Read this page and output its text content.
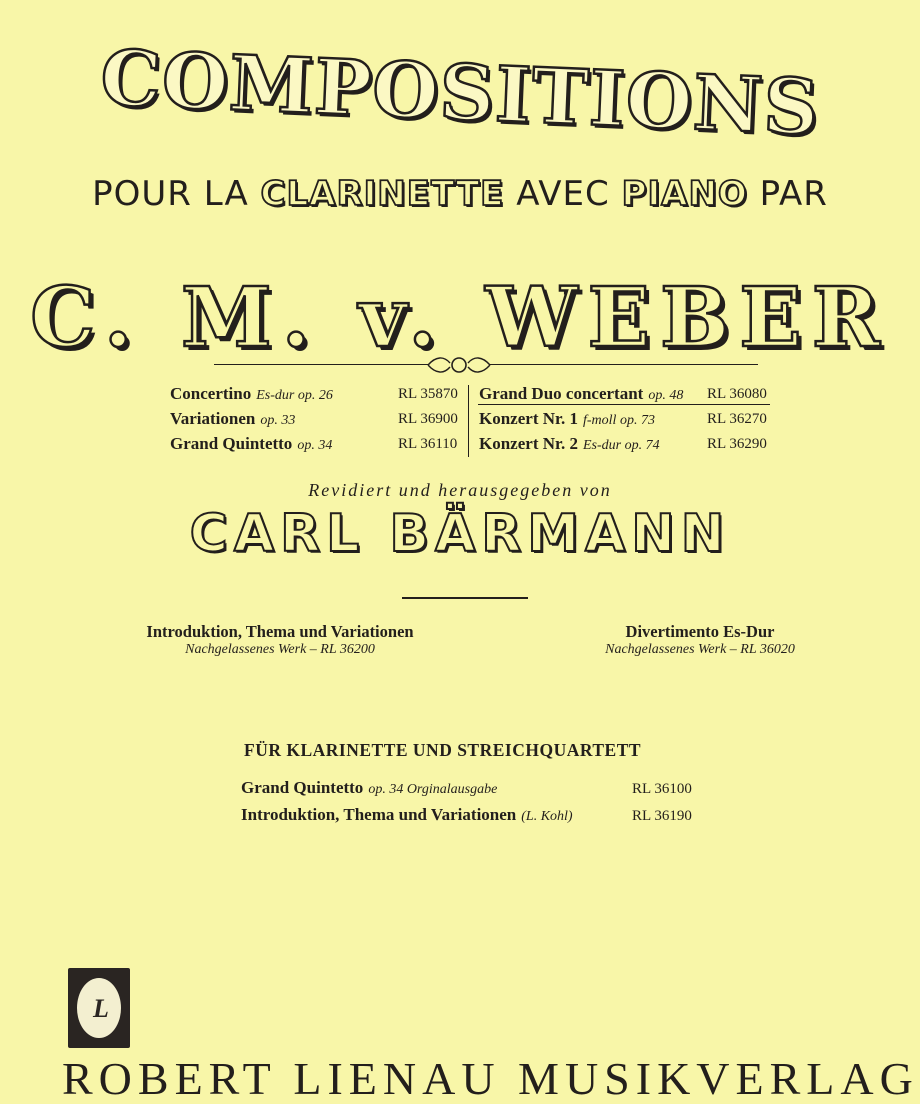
COMPOSITIONS
POUR LA CLARINETTE AVEC PIANO PAR
C. M. v. WEBER
Concertino Es-dur op. 26	RL 35870
Variationen op. 33	RL 36900
Grand Quintetto op. 34	RL 36110
Grand Duo concertant op. 48 RL 36080
Konzert Nr. 1 f-moll op. 73	RL 36270
Konzert Nr. 2 Es-dur op. 74	RL 36290
Revidiert und herausgegeben von
CARL BÄRMANN
Introduktion, Thema und Variationen
Nachgelassenes Werk – RL 36200
Divertimento Es-Dur
Nachgelassenes Werk – RL 36020
FÜR KLARINETTE UND STREICHQUARTETT
Grand Quintetto op. 34 Orginalausgabe	RL 36100
Introduktion, Thema und Variationen (L. Kohl)	RL 36190
L
ROBERT LIENAU MUSIKVERLAG
